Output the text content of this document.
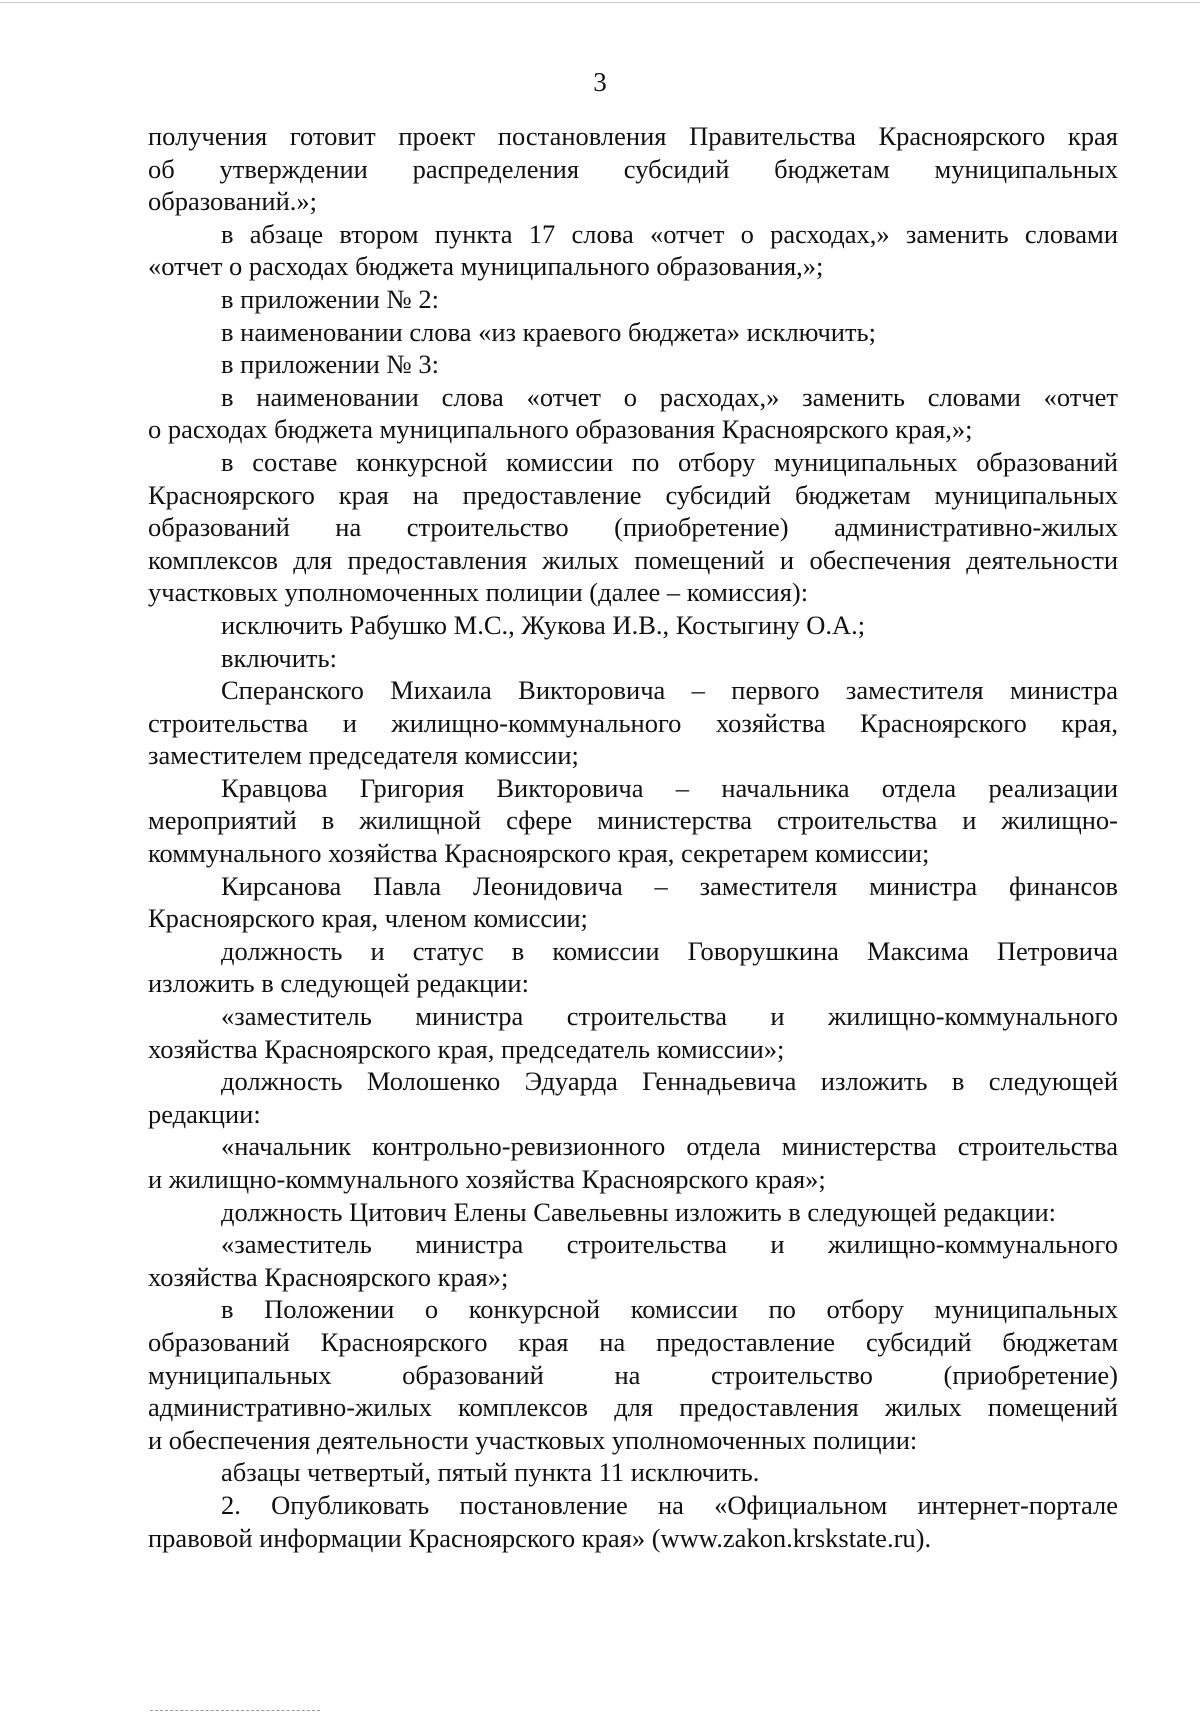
3
получения готовит проект постановления Правительства Красноярского края
об утверждении распределения субсидий бюджетам муниципальных
образований.»;
в абзаце втором пункта 17 слова «отчет о расходах,» заменить словами
«отчет о расходах бюджета муниципального образования,»;
в приложении № 2:
в наименовании слова «из краевого бюджета» исключить;
в приложении № 3:
в наименовании слова «отчет о расходах,» заменить словами «отчет
о расходах бюджета муниципального образования Красноярского края,»;
в составе конкурсной комиссии по отбору муниципальных образований
Красноярского края на предоставление субсидий бюджетам муниципальных
образований на строительство (приобретение) административно-жилых
комплексов для предоставления жилых помещений и обеспечения деятельности
участковых уполномоченных полиции (далее – комиссия):
исключить Рабушко М.С., Жукова И.В., Костыгину О.А.;
включить:
Сперанского Михаила Викторовича – первого заместителя министра
строительства и жилищно-коммунального хозяйства Красноярского края,
заместителем председателя комиссии;
Кравцова Григория Викторовича – начальника отдела реализации
мероприятий в жилищной сфере министерства строительства и жилищно-
коммунального хозяйства Красноярского края, секретарем комиссии;
Кирсанова Павла Леонидовича – заместителя министра финансов
Красноярского края, членом комиссии;
должность и статус в комиссии Говорушкина Максима Петровича
изложить в следующей редакции:
«заместитель министра строительства и жилищно-коммунального
хозяйства Красноярского края, председатель комиссии»;
должность Молошенко Эдуарда Геннадьевича изложить в следующей
редакции:
«начальник контрольно-ревизионного отдела министерства строительства
и жилищно-коммунального хозяйства Красноярского края»;
должность Цитович Елены Савельевны изложить в следующей редакции:
«заместитель министра строительства и жилищно-коммунального
хозяйства Красноярского края»;
в Положении о конкурсной комиссии по отбору муниципальных
образований Красноярского края на предоставление субсидий бюджетам
муниципальных образований на строительство (приобретение)
административно-жилых комплексов для предоставления жилых помещений
и обеспечения деятельности участковых уполномоченных полиции:
абзацы четвертый, пятый пункта 11 исключить.
2. Опубликовать постановление на «Официальном интернет-портале
правовой информации Красноярского края» (www.zakon.krskstate.ru).
